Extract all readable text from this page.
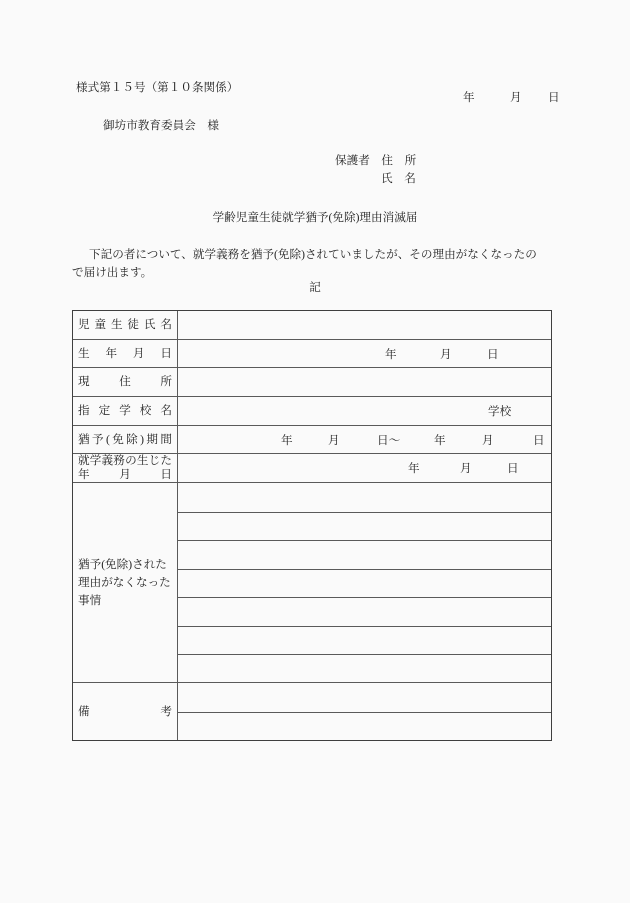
様式第１５号（第１０条関係）
年	月 日
御坊市教育委員会　様
保護者　住　所
氏　名
学齢児童生徒就学猶予(免除)理由消滅届
下記の者について、就学義務を猶予(免除)されていましたが、その理由がなくなったの
で届け出ます。
記
児童生徒氏名
生年月日	年	月	日
現住所
指定学校名	学校
猶予(免除)期間	年	月	日～	年	月	日
就学義務の生じた
年月日	年	月	日
猶予(免除)された
理由がなくなった
事情
備考
